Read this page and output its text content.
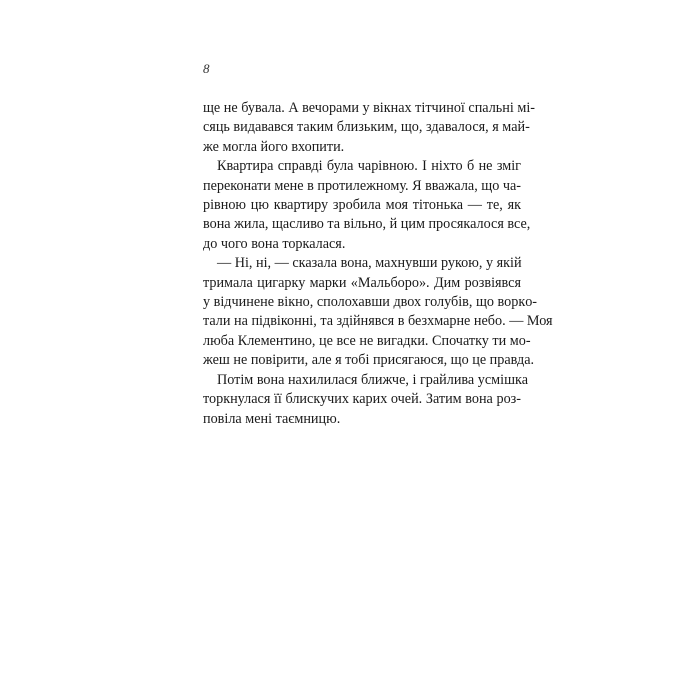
8
ще не бувала. А вечорами у вікнах тітчиної спальні мі-
сяць видавався таким близьким, що, здавалося, я май-
же могла його вхопити.
Квартира справді була чарівною. І ніхто б не зміг
переконати мене в протилежному. Я вважала, що ча-
рівною цю квартиру зробила моя тітонька — те, як
вона жила, щасливо та вільно, й цим просякалося все,
до чого вона торкалася.
— Ні, ні, — сказала вона, махнувши рукою, у якій
тримала цигарку марки «Мальборо». Дим розвіявся
у відчинене вікно, сполохавши двох голубів, що воркo-
тали на підвіконні, та здійнявся в безхмарне небо. — Моя
люба Клементино, це все не вигадки. Спочатку ти мо-
жеш не повірити, але я тобі присягаюся, що це правда.
Потім вона нахилилася ближче, і грайлива усмішка
торкнулася її блискучих карих очей. Затим вона роз-
повіла мені таємницю.
